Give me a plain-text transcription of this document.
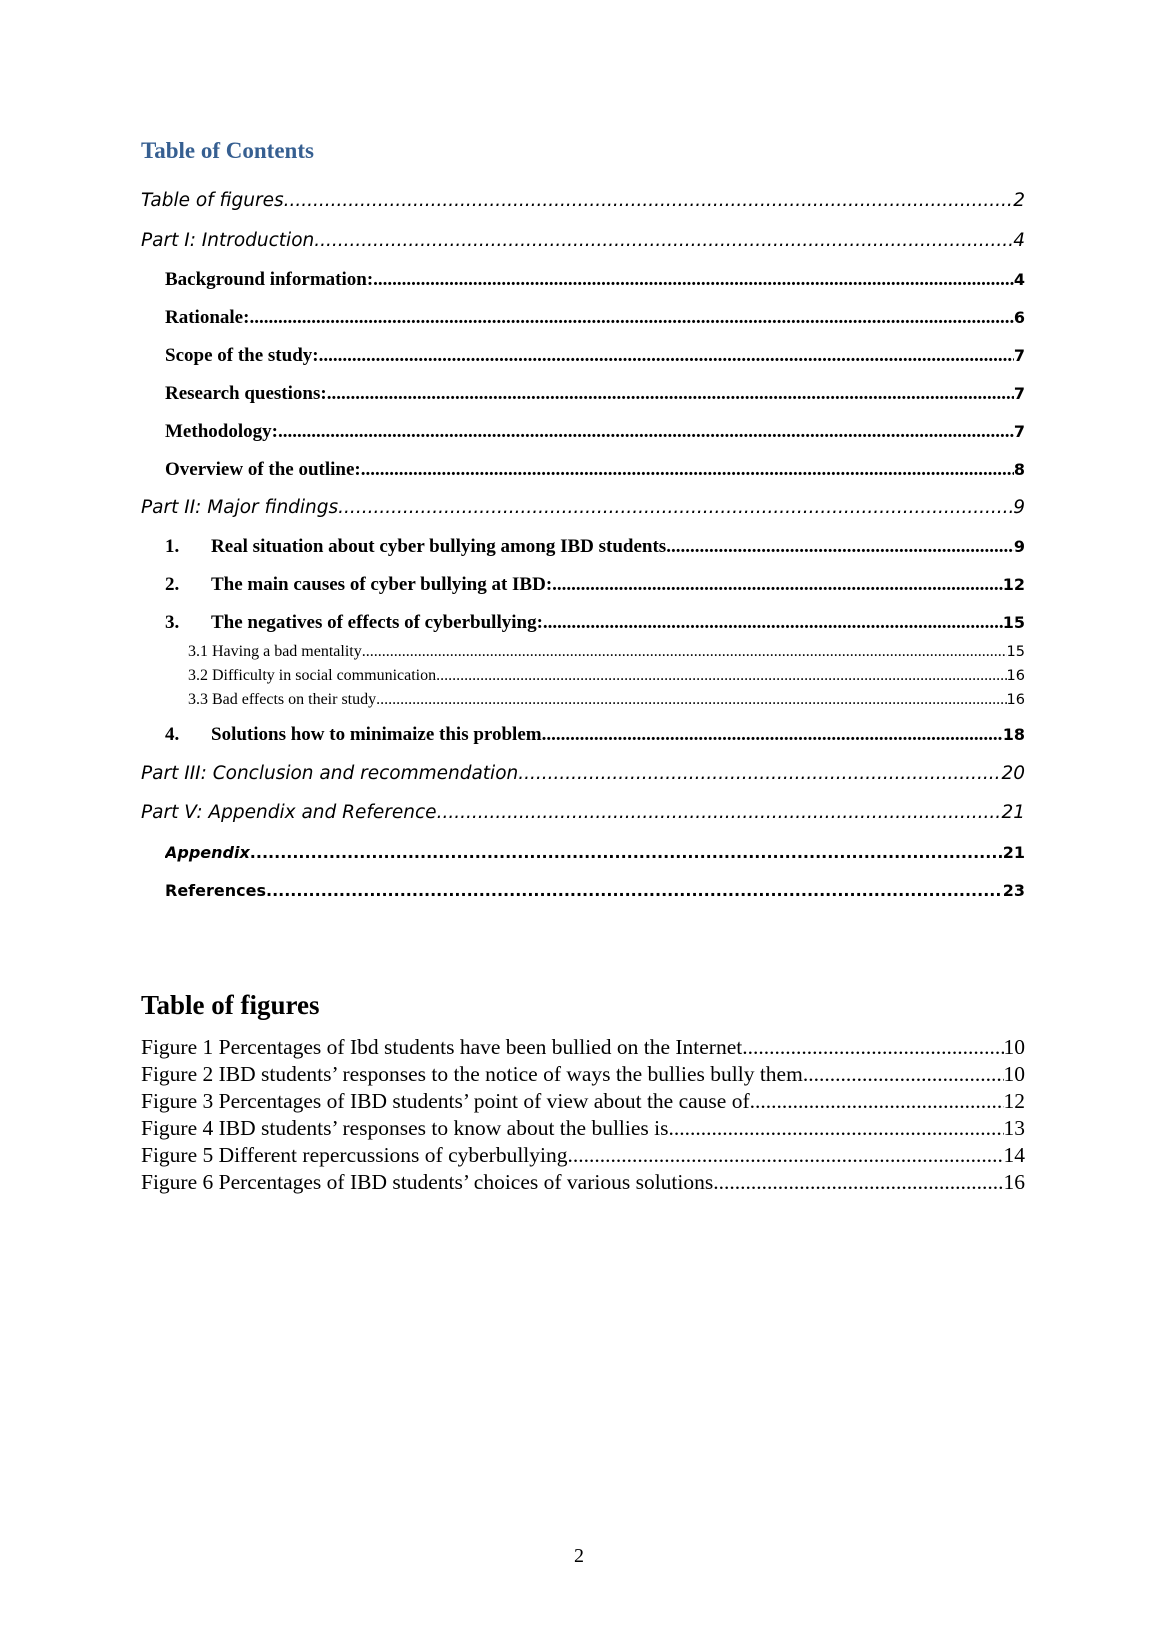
Table of Contents
Table of figures .....	2
Part I: Introduction .....	4
Background information: .....	4
Rationale: .....	6
Scope of the study: .....	7
Research questions: .....	7
Methodology: .....	7
Overview of the outline: .....	8
Part II: Major findings .....	9
1. Real situation about cyber bullying among IBD students .....	9
2. The main causes of cyber bullying at IBD: .....	12
3. The negatives of effects of cyberbullying: .....	15
3.1 Having a bad mentality .....	15
3.2 Difficulty in social communication .....	16
3.3 Bad effects on their study .....	16
4. Solutions how to minimaize this problem .....	18
Part III: Conclusion and recommendation .....	20
Part V: Appendix and Reference .....	21
Appendix .....	21
References .....	23
Table of figures
Figure 1 Percentages of Ibd students have been bullied on the Internet .....	10
Figure 2 IBD students’ responses to the notice of ways the bullies bully them .....	10
Figure 3 Percentages of IBD students’ point of view about the cause of .....	12
Figure 4 IBD students’ responses to know about the bullies is .....	13
Figure 5 Different repercussions of cyberbullying .....	14
Figure 6 Percentages of IBD students’ choices of various solutions .....	16
2
